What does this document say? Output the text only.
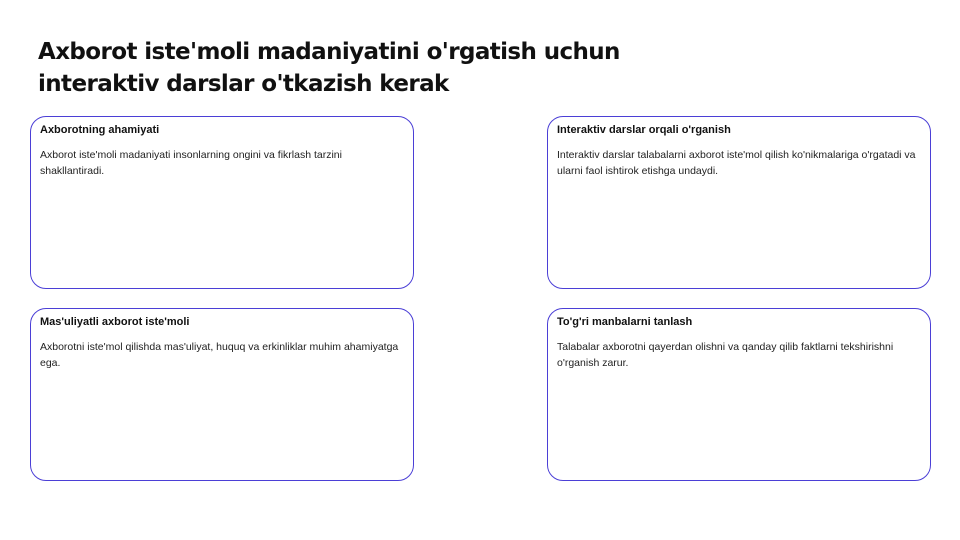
Axborot iste'moli madaniyatini o'rgatish uchun interaktiv darslar o'tkazish kerak

Axborotning ahamiyati

Axborot iste'moli madaniyati insonlarning ongini va fikrlash tarzini shakllantiradi.

Interaktiv darslar orqali o'rganish

Interaktiv darslar talabalarni axborot iste'mol qilish ko'nikmalariga o'rgatadi va ularni faol ishtirok etishga undaydi.

Mas'uliyatli axborot iste'moli

Axborotni iste'mol qilishda mas'uliyat, huquq va erkinliklar muhim ahamiyatga ega.

To'g'ri manbalarni tanlash

Talabalar axborotni qayerdan olishni va qanday qilib faktlarni tekshirishni o'rganish zarur.
